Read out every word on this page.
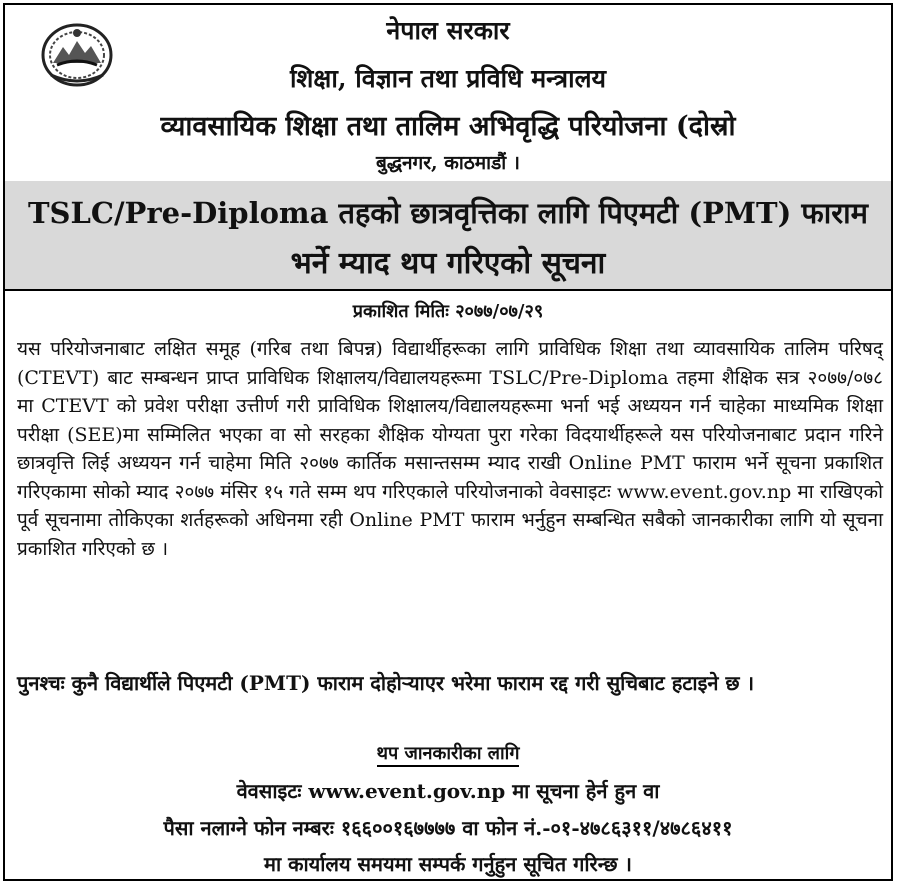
नेपाल सरकार
शिक्षा, विज्ञान तथा प्रविधि मन्त्रालय
व्यावसायिक शिक्षा तथा तालिम अभिवृद्धि परियोजना (दोस्रो
बुद्धनगर, काठमाडौं ।
TSLC/Pre-Diploma तहको छात्रवृत्तिका लागि पिएमटी (PMT) फाराम
भर्ने म्याद थप गरिएको सूचना
प्रकाशित मितिः २०७७/०७/२९

यस परियोजनाबाट लक्षित समूह (गरिब तथा बिपन्न) विद्यार्थीहरूका लागि प्राविधिक शिक्षा तथा व्यावसायिक तालिम परिषद् (CTEVT) बाट सम्बन्धन प्राप्त प्राविधिक शिक्षालय/विद्यालयहरूमा TSLC/Pre-Diploma तहमा शैक्षिक सत्र २०७७/०७८ मा CTEVT को प्रवेश परीक्षा उत्तीर्ण गरी प्राविधिक शिक्षालय/विद्यालयहरूमा भर्ना भई अध्ययन गर्न चाहेका माध्यमिक शिक्षा परीक्षा (SEE)मा सम्मिलित भएका वा सो सरहका शैक्षिक योग्यता पुरा गरेका विदयार्थीहरूले यस परियोजनाबाट प्रदान गरिने छात्रवृत्ति लिई अध्ययन गर्न चाहेमा मिति २०७७ कार्तिक मसान्तसम्म म्याद राखी Online PMT फाराम भर्ने सूचना प्रकाशित गरिएकामा सोको म्याद २०७७ मंसिर १५ गते सम्म थप गरिएकाले परियोजनाको वेवसाइटः www.event.gov.np मा राखिएको पूर्व सूचनामा तोकिएका शर्तहरूको अधिनमा रही Online PMT फाराम भर्नुहुन सम्बन्धित सबैको जानकारीका लागि यो सूचना प्रकाशित गरिएको छ ।

पुनश्चः कुनै विद्यार्थीले पिएमटी (PMT) फाराम दोहोऱ्याएर भरेमा फाराम रद्द गरी सुचिबाट हटाइने छ ।

थप जानकारीका लागि
वेवसाइटः www.event.gov.np मा सूचना हेर्न हुन वा
पैसा नलाग्ने फोन नम्बरः १६६००१६७७७७ वा फोन नं.-०१-४७८६३११/४७८६४११
मा कार्यालय समयमा सम्पर्क गर्नुहुन सूचित गरिन्छ ।
